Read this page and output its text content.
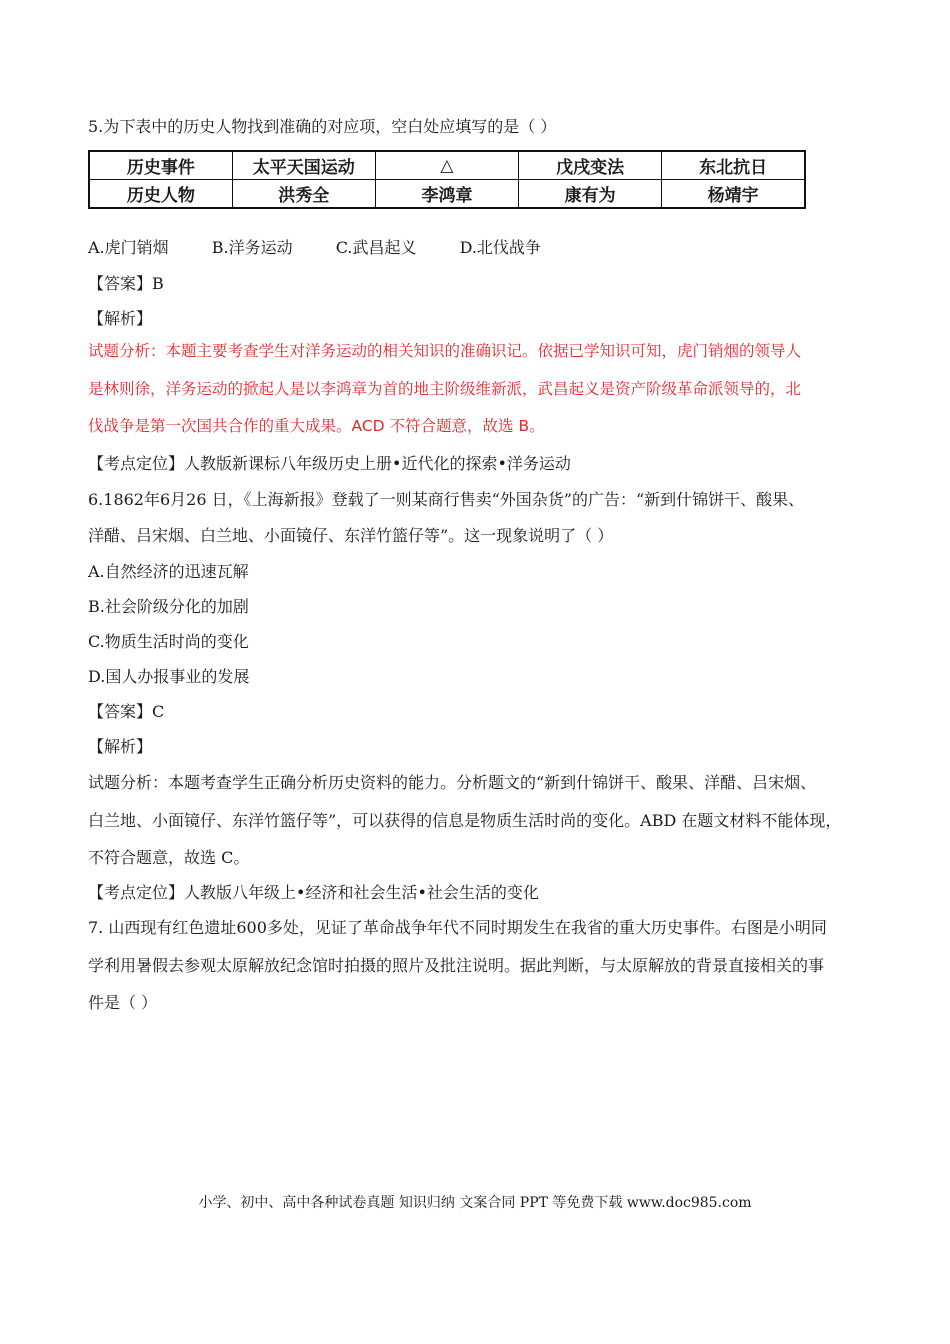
5.为下表中的历史人物找到准确的对应项，空白处应填写的是（ ）
历史事件	太平天国运动	△	戊戌变法	东北抗日
历史人物	洪秀全	李鸿章	康有为	杨靖宇
A.虎门销烟	B.洋务运动	C.武昌起义	D.北伐战争
【答案】B
【解析】
试题分析：本题主要考查学生对洋务运动的相关知识的准确识记。依据已学知识可知，虎门销烟的领导人
是林则徐，洋务运动的掀起人是以李鸿章为首的地主阶级维新派，武昌起义是资产阶级革命派领导的，北
伐战争是第一次国共合作的重大成果。ACD 不符合题意，故选 B。
【考点定位】人教版新课标八年级历史上册•近代化的探索•洋务运动
6.1862年6月26 日，《上海新报》登载了一则某商行售卖“外国杂货”的广告：“新到什锦饼干、酸果、
洋醋、吕宋烟、白兰地、小面镜仔、东洋竹篮仔等”。这一现象说明了（ ）
A.自然经济的迅速瓦解
B.社会阶级分化的加剧
C.物质生活时尚的变化
D.国人办报事业的发展
【答案】C
【解析】
试题分析：本题考查学生正确分析历史资料的能力。分析题文的“新到什锦饼干、酸果、洋醋、吕宋烟、
白兰地、小面镜仔、东洋竹篮仔等”，可以获得的信息是物质生活时尚的变化。ABD 在题文材料不能体现，
不符合题意，故选 C。
【考点定位】人教版八年级上•经济和社会生活•社会生活的变化
7. 山西现有红色遗址600多处，见证了革命战争年代不同时期发生在我省的重大历史事件。右图是小明同
学利用暑假去参观太原解放纪念馆时拍摄的照片及批注说明。据此判断，与太原解放的背景直接相关的事
件是（ ）
小学、初中、高中各种试卷真题 知识归纳 文案合同 PPT 等免费下载 www.doc985.com
